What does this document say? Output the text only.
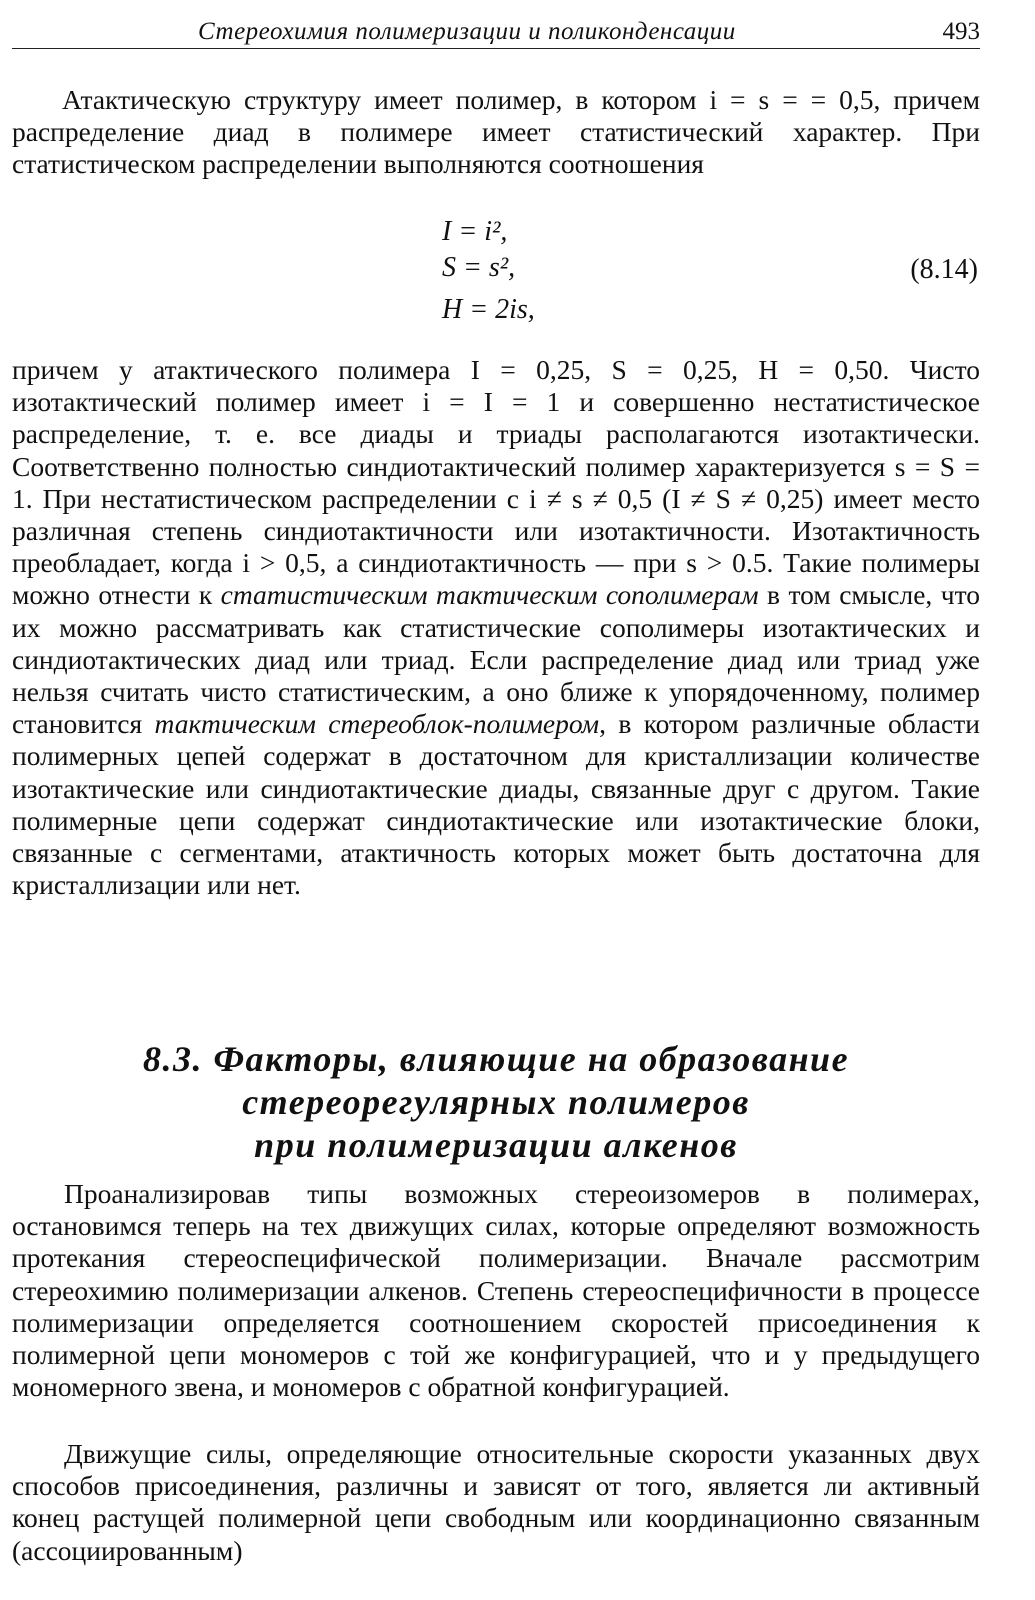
Стереохимия полимеризации и поликонденсации	493

Атактическую структуру имеет полимер, в котором i = s = = 0,5, причем распределение диад в полимере имеет статистический характер. При статистическом распределении выполняются соотношения

I = i²,
S = s²,
H = 2is,
(8.14)

причем у атактического полимера I = 0,25, S = 0,25, H = 0,50. Чисто изотактический полимер имеет i = I = 1 и совершенно нестатистическое распределение, т. е. все диады и триады располагаются изотактически. Соответственно полностью синдиотактический полимер характеризуется s = S = 1. При нестатистическом распределении с i ≠ s ≠ 0,5 (I ≠ S ≠ 0,25) имеет место различная степень синдиотактичности или изотактичности. Изотактичность преобладает, когда i > 0,5, а синдиотактичность — при s > 0.5. Такие полимеры можно отнести к статистическим тактическим сополимерам в том смысле, что их можно рассматривать как статистические сополимеры изотактических и синдиотактических диад или триад. Если распределение диад или триад уже нельзя считать чисто статистическим, а оно ближе к упорядоченному, полимер становится тактическим стереоблок-полимером, в котором различные области полимерных цепей содержат в достаточном для кристаллизации количестве изотактические или синдиотактические диады, связанные друг с другом. Такие полимерные цепи содержат синдиотактические или изотактические блоки, связанные с сегментами, атактичность которых может быть достаточна для кристаллизации или нет.

8.3. Факторы, влияющие на образование
стереорегулярных полимеров
при полимеризации алкенов

Проанализировав типы возможных стереоизомеров в полимерах, остановимся теперь на тех движущих силах, которые определяют возможность протекания стереоспецифической полимеризации. Вначале рассмотрим стереохимию полимеризации алкенов. Степень стереоспецифичности в процессе полимеризации определяется соотношением скоростей присоединения к полимерной цепи мономеров с той же конфигурацией, что и у предыдущего мономерного звена, и мономеров с обратной конфигурацией.

Движущие силы, определяющие относительные скорости указанных двух способов присоединения, различны и зависят от того, является ли активный конец растущей полимерной цепи свободным или координационно связанным (ассоциированным)
